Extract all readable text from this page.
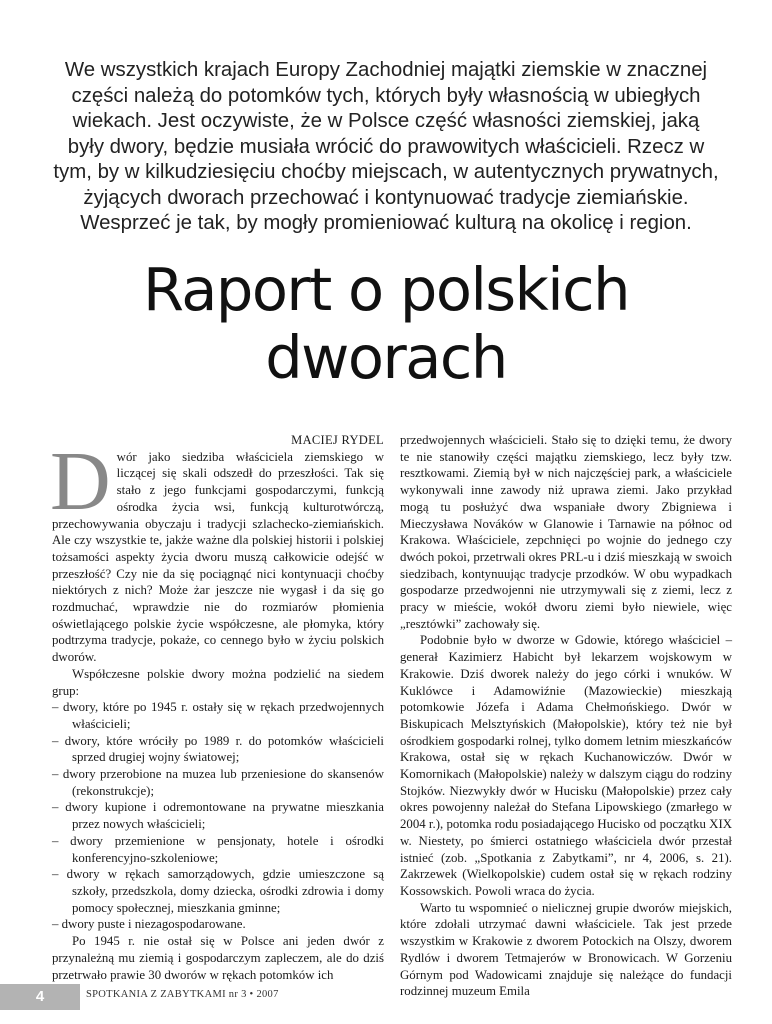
We wszystkich krajach Europy Zachodniej majątki ziemskie w znacznej części należą do potomków tych, których były własnością w ubiegłych wiekach. Jest oczywiste, że w Polsce część własności ziemskiej, jaką były dwory, będzie musiała wrócić do prawowitych właścicieli. Rzecz w tym, by w kilkudziesięciu choćby miejscach, w autentycznych prywatnych, żyjących dworach przechować i kontynuować tradycje ziemiańskie. Wesprzeć je tak, by mogły promieniować kulturą na okolicę i region.
Raport o polskich dworach

MACIEJ RYDEL

Dwór jako siedziba właściciela ziemskiego w liczącej się skali odszedł do przeszłości. Tak się stało z jego funkcjami gospodarczymi, funkcją ośrodka życia wsi, funkcją kulturotwórczą, przechowywania obyczaju i tradycji szlachecko-ziemiańskich. Ale czy wszystkie te, jakże ważne dla polskiej historii i polskiej tożsamości aspekty życia dworu muszą całkowicie odejść w przeszłość? Czy nie da się pociągnąć nici kontynuacji choćby niektórych z nich? Może żar jeszcze nie wygasł i da się go rozdmuchać, wprawdzie nie do rozmiarów płomienia oświetlającego polskie życie współczesne, ale płomyka, który podtrzyma tradycje, pokaże, co cennego było w życiu polskich dworów.

Współczesne polskie dwory można podzielić na siedem grup:

– dwory, które po 1945 r. ostały się w rękach przedwojennych właścicieli;

– dwory, które wróciły po 1989 r. do potomków właścicieli sprzed drugiej wojny światowej;

– dwory przerobione na muzea lub przeniesione do skansenów (rekonstrukcje);

– dwory kupione i odremontowane na prywatne mieszkania przez nowych właścicieli;

– dwory przemienione w pensjonaty, hotele i ośrodki konferencyjno-szkoleniowe;

– dwory w rękach samorządowych, gdzie umieszczone są szkoły, przedszkola, domy dziecka, ośrodki zdrowia i domy pomocy społecznej, mieszkania gminne;

– dwory puste i niezagospodarowane.

Po 1945 r. nie ostał się w Polsce ani jeden dwór z przynależną mu ziemią i gospodarczym zapleczem, ale do dziś przetrwało prawie 30 dworów w rękach potomków ich

przedwojennych właścicieli. Stało się to dzięki temu, że dwory te nie stanowiły części majątku ziemskiego, lecz były tzw. resztkowami. Ziemią był w nich najczęściej park, a właściciele wykonywali inne zawody niż uprawa ziemi. Jako przykład mogą tu posłużyć dwa wspaniałe dwory Zbigniewa i Mieczysława Nováków w Glanowie i Tarnawie na północ od Krakowa. Właściciele, zepchnięci po wojnie do jednego czy dwóch pokoi, przetrwali okres PRL-u i dziś mieszkają w swoich siedzibach, kontynuując tradycje przodków. W obu wypadkach gospodarze przedwojenni nie utrzymywali się z ziemi, lecz z pracy w mieście, wokół dworu ziemi było niewiele, więc „resztówki” zachowały się.

Podobnie było w dworze w Gdowie, którego właściciel – generał Kazimierz Habicht był lekarzem wojskowym w Krakowie. Dziś dworek należy do jego córki i wnuków. W Kuklówce i Adamowiźnie (Mazowieckie) mieszkają potomkowie Józefa i Adama Chełmońskiego. Dwór w Biskupicach Melsztyńskich (Małopolskie), który też nie był ośrodkiem gospodarki rolnej, tylko domem letnim mieszkańców Krakowa, ostał się w rękach Kuchanowiczów. Dwór w Komornikach (Małopolskie) należy w dalszym ciągu do rodziny Stojków. Niezwykły dwór w Hucisku (Małopolskie) przez cały okres powojenny należał do Stefana Lipowskiego (zmarłego w 2004 r.), potomka rodu posiadającego Hucisko od początku XIX w. Niestety, po śmierci ostatniego właściciela dwór przestał istnieć (zob. „Spotkania z Zabytkami”, nr 4, 2006, s. 21). Zakrzewek (Wielkopolskie) cudem ostał się w rękach rodziny Kossowskich. Powoli wraca do życia.

Warto tu wspomnieć o nielicznej grupie dworów miejskich, które zdołali utrzymać dawni właściciele. Tak jest przede wszystkim w Krakowie z dworem Potockich na Olszy, dworem Rydlów i dworem Tetmajerów w Bronowicach. W Gorzeniu Górnym pod Wadowicami znajduje się należące do fundacji rodzinnej muzeum Emila

4	SPOTKANIA Z ZABYTKAMI nr 3 • 2007
